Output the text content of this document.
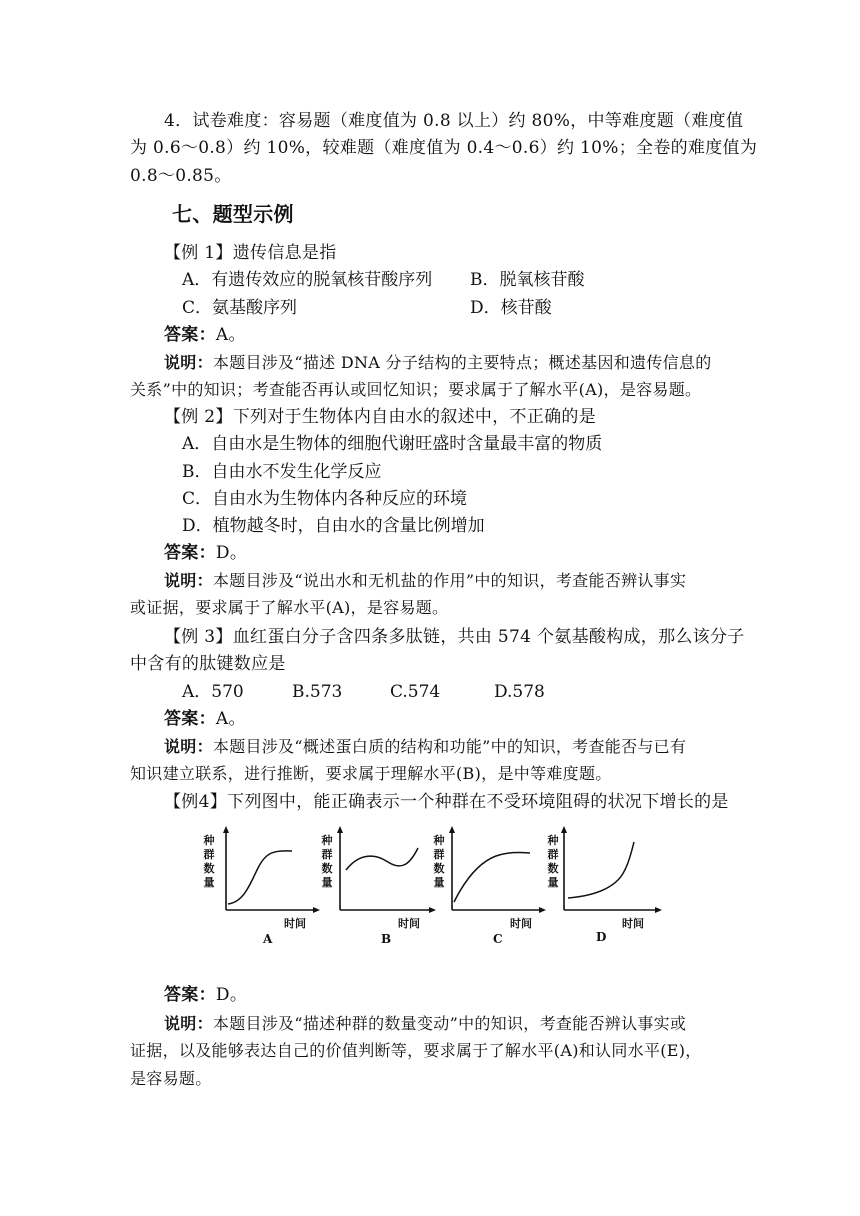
4．试卷难度：容易题（难度值为 0.8 以上）约 80%，中等难度题（难度值
为 0.6～0.8）约 10%，较难题（难度值为 0.4～0.6）约 10%；全卷的难度值为
0.8～0.85。
七、题型示例
【例 1】遗传信息是指
A．有遗传效应的脱氧核苷酸序列 B．脱氧核苷酸
C．氨基酸序列	D．核苷酸
答案：A。
说明：本题目涉及“描述 DNA 分子结构的主要特点；概述基因和遗传信息的
关系”中的知识；考查能否再认或回忆知识；要求属于了解水平(A)，是容易题。
【例 2】下列对于生物体内自由水的叙述中，不正确的是
A．自由水是生物体的细胞代谢旺盛时含量最丰富的物质
B．自由水不发生化学反应
C．自由水为生物体内各种反应的环境
D．植物越冬时，自由水的含量比例增加
答案：D。
说明：本题目涉及“说出水和无机盐的作用”中的知识，考查能否辨认事实
或证据，要求属于了解水平(A)，是容易题。
【例 3】血红蛋白分子含四条多肽链，共由 574 个氨基酸构成，那么该分子
中含有的肽键数应是
A．570	B.573	C.574	D.578
答案：A。
说明：本题目涉及“概述蛋白质的结构和功能”中的知识，考查能否与已有
知识建立联系，进行推断，要求属于理解水平(B)，是中等难度题。
【例4】下列图中，能正确表示一个种群在不受环境阻碍的状况下增长的是
种
群
数
量
时间
A
种
群
数
量
时间
B
种
群
数
量
时间
C
种
群
数
量
时间
D
答案：D。
说明：本题目涉及“描述种群的数量变动”中的知识，考查能否辨认事实或
证据，以及能够表达自己的价值判断等，要求属于了解水平(A)和认同水平(E)，
是容易题。
